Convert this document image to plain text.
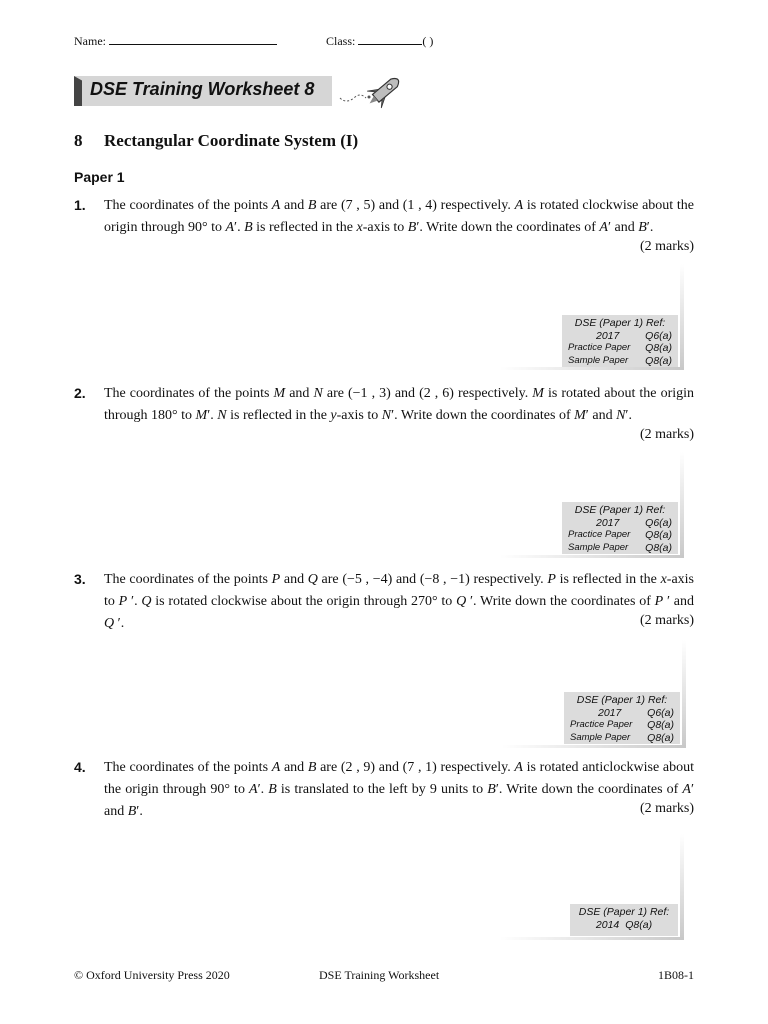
Name:	Class:	( )
DSE Training Worksheet 8
8 Rectangular Coordinate System (I)
Paper 1
1. The coordinates of the points A and B are (7 , 5) and (1 , 4) respectively. A is rotated clockwise about the origin through 90° to A′. B is reflected in the x-axis to B′. Write down the coordinates of A′ and B′.
(2 marks)
2. The coordinates of the points M and N are (−1 , 3) and (2 , 6) respectively. M is rotated about the origin through 180° to M′. N is reflected in the y-axis to N′. Write down the coordinates of M′ and N′.
(2 marks)
3. The coordinates of the points P and Q are (−5 , −4) and (−8 , −1) respectively. P is reflected in the x-axis to P ′. Q is rotated clockwise about the origin through 270° to Q ′. Write down the coordinates of P ′ and Q ′.	(2 marks)
4. The coordinates of the points A and B are (2 , 9) and (7 , 1) respectively. A is rotated anticlockwise about the origin through 90° to A′. B is translated to the left by 9 units to B′. Write down the coordinates of A′ and B′.	(2 marks)
DSE (Paper 1) Ref:
2017 Q6(a)
Practice Paper Q8(a)
Sample Paper Q8(a)
DSE (Paper 1) Ref:
2017 Q6(a)
Practice Paper Q8(a)
Sample Paper Q8(a)
DSE (Paper 1) Ref:
2017 Q6(a)
Practice Paper Q8(a)
Sample Paper Q8(a)
DSE (Paper 1) Ref:
2014 Q8(a)
© Oxford University Press 2020	DSE Training Worksheet	1B08-1
